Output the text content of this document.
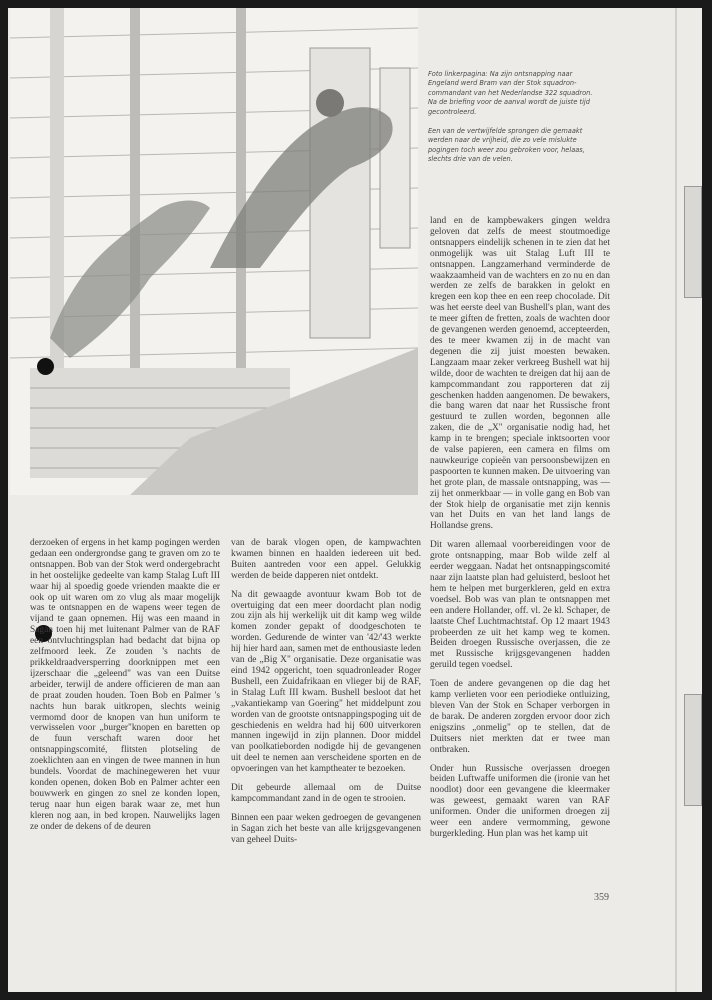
Foto linkerpagina: Na zijn ontsnapping naar Engeland werd Bram van der Stok squadron-commandant van het Nederlandse 322 squadron. Na de briefing voor de aanval wordt de juiste tijd gecontroleerd.

Een van de vertwijfelde sprongen die gemaakt werden naar de vrijheid, die zo vele mislukte pogingen toch weer zou gebroken voor, helaas, slechts drie van de velen.

derzoeken of ergens in het kamp pogingen werden gedaan een ondergrondse gang te graven om zo te ontsnappen. Bob van der Stok werd ondergebracht in het oostelijke gedeelte van kamp Stalag Luft III waar hij al spoedig goede vrienden maakte die er ook op uit waren om zo vlug als maar mogelijk was te ontsnappen en de wapens weer tegen de vijand te gaan opnemen. Hij was een maand in Sagan toen hij met luitenant Palmer van de RAF een ontvluchtingsplan had bedacht dat bijna op zelfmoord leek. Ze zouden 's nachts de prikkeldraadversperring doorknippen met een ijzerschaar die „geleend" was van een Duitse arbeider, terwijl de andere officieren de man aan de praat zouden houden. Toen Bob en Palmer 's nachts hun barak uitkropen, slechts weinig vermomd door de knopen van hun uniform te verwisselen voor „burger"knopen en baretten op de fuun verschaft waren door het ontsnappingscomité, flitsten plotseling de zoeklichten aan en vingen de twee mannen in hun bundels. Voordat de machinegeweren het vuur konden openen, doken Bob en Palmer achter een bouwwerk en gingen zo snel ze konden lopen, terug naar hun eigen barak waar ze, met hun kleren nog aan, in bed kropen. Nauwelijks lagen ze onder de dekens of de deuren

van de barak vlogen open, de kampwachten kwamen binnen en haalden iedereen uit bed. Buiten aantreden voor een appel. Gelukkig werden de beide dapperen niet ontdekt.

Na dit gewaagde avontuur kwam Bob tot de overtuiging dat een meer doordacht plan nodig zou zijn als hij werkelijk uit dit kamp weg wilde komen zonder gepakt of doodgeschoten te worden. Gedurende de winter van '42/'43 werkte hij hier hard aan, samen met de enthousiaste leden van de „Big X" organisatie. Deze organisatie was eind 1942 opgericht, toen squadronleader Roger Bushell, een Zuidafrikaan en vlieger bij de RAF, in Stalag Luft III kwam. Bushell besloot dat het „vakantiekamp van Goering" het middelpunt zou worden van de grootste ontsnappingspoging uit de geschiedenis en weldra had hij 600 uitverkoren mannen ingewijd in zijn plannen. Door middel van poolkatieborden nodigde hij de gevangenen uit deel te nemen aan verscheidene sporten en de opvoeringen van het kamptheater te bezoeken.

Dit gebeurde allemaal om de Duitse kampcommandant zand in de ogen te strooien.

Binnen een paar weken gedroegen de gevangenen in Sagan zich het beste van alle krijgsgevangenen van geheel Duits-

land en de kampbewakers gingen weldra geloven dat zelfs de meest stoutmoedige ontsnappers eindelijk schenen in te zien dat het onmogelijk was uit Stalag Luft III te ontsnappen. Langzamerhand verminderde de waakzaamheid van de wachters en zo nu en dan werden ze zelfs de barakken in gelokt en kregen een kop thee en een reep chocolade. Dit was het eerste deel van Bushell's plan, want des te meer giften de fretten, zoals de wachten door de gevangenen werden genoemd, accepteerden, des te meer kwamen zij in de macht van degenen die zij juist moesten bewaken. Langzaam maar zeker verkreeg Bushell wat hij wilde, door de wachten te dreigen dat hij aan de kampcommandant zou rapporteren dat zij geschenken hadden aangenomen. De bewakers, die bang waren dat naar het Russische front gestuurd te zullen worden, begonnen alle zaken, die de „X" organisatie nodig had, het kamp in te brengen; speciale inktsoorten voor de valse papieren, een camera en films om nauwkeurige copieën van persoonsbewijzen en paspoorten te kunnen maken. De uitvoering van het grote plan, de massale ontsnapping, was — zij het onmerkbaar — in volle gang en Bob van der Stok hielp de organisatie met zijn kennis van het Duits en van het land langs de Hollandse grens.

Dit waren allemaal voorbereidingen voor de grote ontsnapping, maar Bob wilde zelf al eerder weggaan. Nadat het ontsnappingscomité naar zijn laatste plan had geluisterd, besloot het hem te helpen met burgerkleren, geld en extra voedsel. Bob was van plan te ontsnappen met een andere Hollander, off. vl. 2e kl. Schaper, de laatste Chef Luchtmachtstaf. Op 12 maart 1943 probeerden ze uit het kamp weg te komen. Beiden droegen Russische overjassen, die ze met Russische krijgsgevangenen hadden geruild tegen voedsel.

Toen de andere gevangenen op die dag het kamp verlieten voor een periodieke ontluizing, bleven Van der Stok en Schaper verborgen in de barak. De anderen zorgden ervoor door zich enigszins „onmelig" op te stellen, dat de Duitsers niet merkten dat er twee man ontbraken.

Onder hun Russische overjassen droegen beiden Luftwaffe uniformen die (ironie van het noodlot) door een gevangene die kleermaker was geweest, gemaakt waren van RAF uniformen. Onder die uniformen droegen zij weer een andere vermomming, gewone burgerkleding. Hun plan was het kamp uit

359
